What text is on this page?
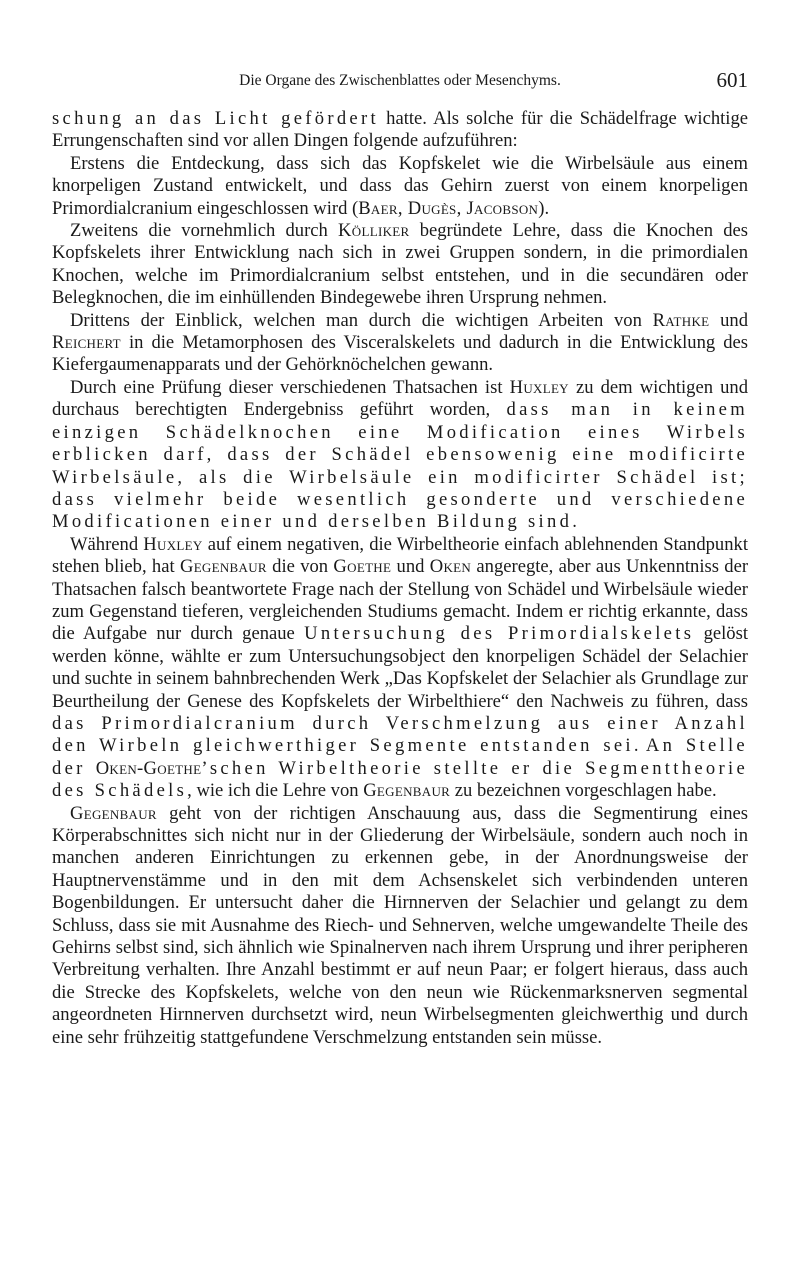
Die Organe des Zwischenblattes oder Mesenchyms.	601

schung an das Licht gefördert hatte. Als solche für die Schädelfrage wichtige Errungenschaften sind vor allen Dingen folgende aufzuführen:

Erstens die Entdeckung, dass sich das Kopfskelet wie die Wirbelsäule aus einem knorpeligen Zustand entwickelt, und dass das Gehirn zuerst von einem knorpeligen Primordialcranium eingeschlossen wird (Baer, Dugès, Jacobson).

Zweitens die vornehmlich durch Kölliker begründete Lehre, dass die Knochen des Kopfskelets ihrer Entwicklung nach sich in zwei Gruppen sondern, in die primordialen Knochen, welche im Primordialcranium selbst entstehen, und in die secundären oder Belegknochen, die im einhüllenden Bindegewebe ihren Ursprung nehmen.

Drittens der Einblick, welchen man durch die wichtigen Arbeiten von Rathke und Reichert in die Metamorphosen des Visceralskelets und dadurch in die Entwicklung des Kiefergaumenapparats und der Gehörknöchelchen gewann.

Durch eine Prüfung dieser verschiedenen Thatsachen ist Huxley zu dem wichtigen und durchaus berechtigten Endergebniss geführt worden, dass man in keinem einzigen Schädelknochen eine Modification eines Wirbels erblicken darf, dass der Schädel ebensowenig eine modificirte Wirbelsäule, als die Wirbelsäule ein modificirter Schädel ist; dass vielmehr beide wesentlich gesonderte und verschiedene Modificationen einer und derselben Bildung sind.

Während Huxley auf einem negativen, die Wirbeltheorie einfach ablehnenden Standpunkt stehen blieb, hat Gegenbaur die von Goethe und Oken angeregte, aber aus Unkenntniss der Thatsachen falsch beantwortete Frage nach der Stellung von Schädel und Wirbelsäule wieder zum Gegenstand tieferen, vergleichenden Studiums gemacht. Indem er richtig erkannte, dass die Aufgabe nur durch genaue Untersuchung des Primordialskelets gelöst werden könne, wählte er zum Untersuchungsobject den knorpeligen Schädel der Selachier und suchte in seinem bahnbrechenden Werk „Das Kopfskelet der Selachier als Grundlage zur Beurtheilung der Genese des Kopfskelets der Wirbelthiere“ den Nachweis zu führen, dass das Primordialcranium durch Verschmelzung aus einer Anzahl den Wirbeln gleichwerthiger Segmente entstanden sei. An Stelle der Oken-Goethe’schen Wirbeltheorie stellte er die Segmenttheorie des Schädels, wie ich die Lehre von Gegenbaur zu bezeichnen vorgeschlagen habe.

Gegenbaur geht von der richtigen Anschauung aus, dass die Segmentirung eines Körperabschnittes sich nicht nur in der Gliederung der Wirbelsäule, sondern auch noch in manchen anderen Einrichtungen zu erkennen gebe, in der Anordnungsweise der Hauptnervenstämme und in den mit dem Achsenskelet sich verbindenden unteren Bogenbildungen. Er untersucht daher die Hirnnerven der Selachier und gelangt zu dem Schluss, dass sie mit Ausnahme des Riech- und Sehnerven, welche umgewandelte Theile des Gehirns selbst sind, sich ähnlich wie Spinalnerven nach ihrem Ursprung und ihrer peripheren Verbreitung verhalten. Ihre Anzahl bestimmt er auf neun Paar; er folgert hieraus, dass auch die Strecke des Kopfskelets, welche von den neun wie Rückenmarksnerven segmental angeordneten Hirnnerven durchsetzt wird, neun Wirbelsegmenten gleichwerthig und durch eine sehr frühzeitig stattgefundene Verschmelzung entstanden sein müsse.
